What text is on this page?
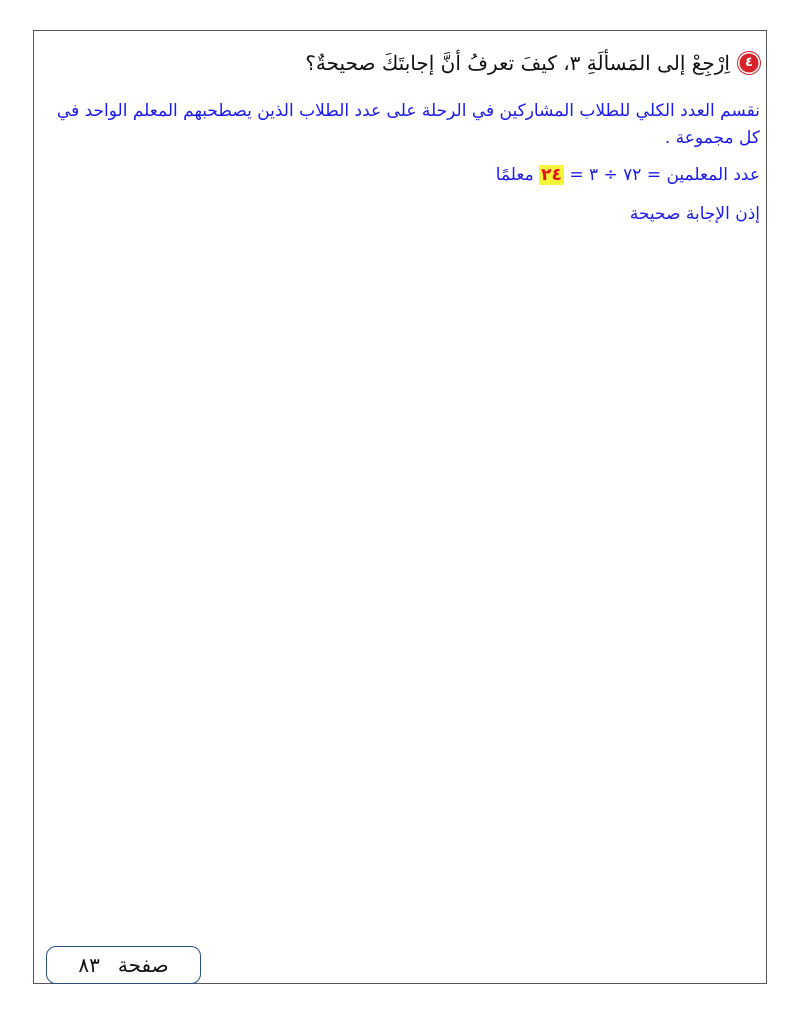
٤
اِرْجِعْ إلى المَسألَةِ ٣، كيفَ تعرفُ أنَّ إجابتَكَ صحيحةٌ؟

نقسم العدد الكلي للطلاب المشاركين في الرحلة على عدد الطلاب الذين يصطحبهم المعلم الواحد في كل مجموعة .

عدد المعلمين = ٧٢ ÷ ٣ = ٢٤ معلمًا

إذن الإجابة صحيحة

صفحة
٨٣
